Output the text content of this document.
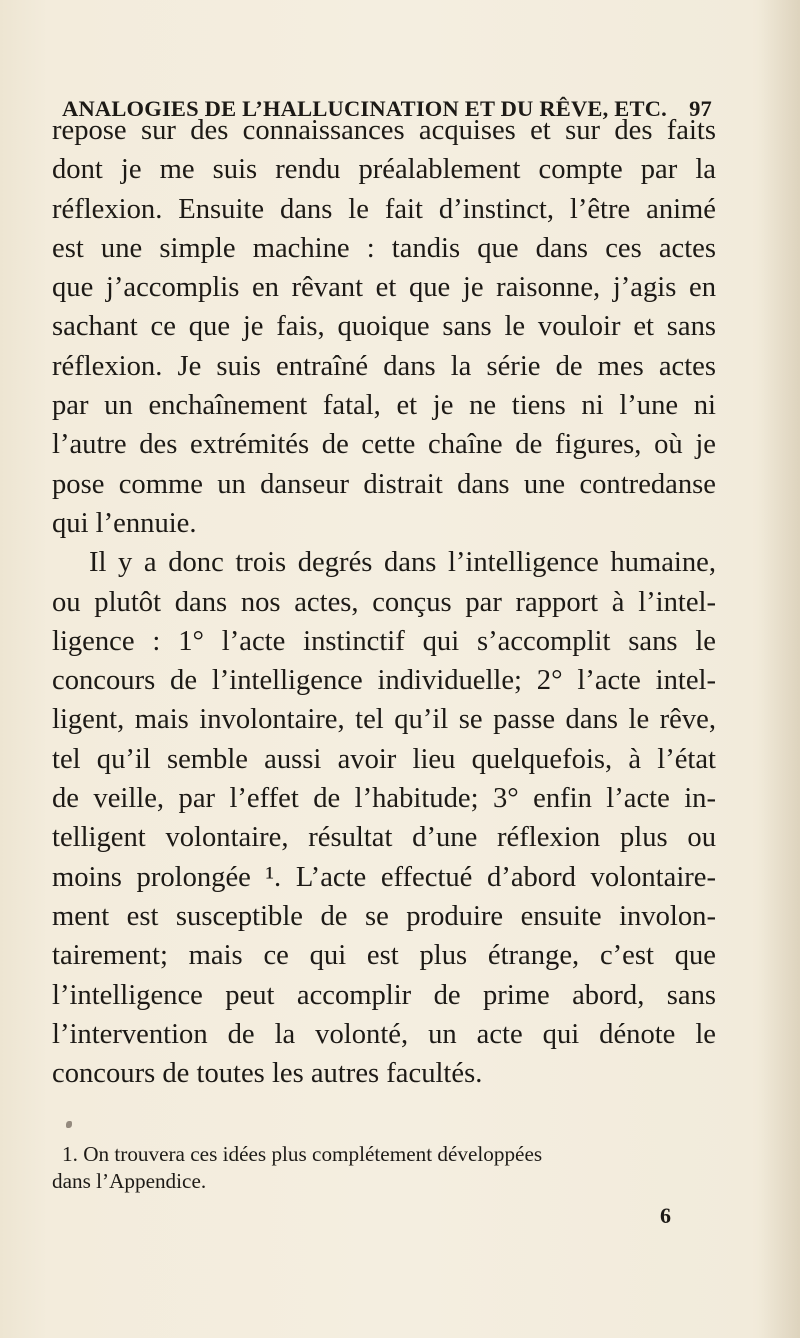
ANALOGIES DE L’HALLUCINATION ET DU RÊVE, ETC. 97
repose sur des connaissances acquises et sur des faits
dont je me suis rendu préalablement compte par la
réflexion. Ensuite dans le fait d’instinct, l’être animé
est une simple machine : tandis que dans ces actes
que j’accomplis en rêvant et que je raisonne, j’agis en
sachant ce que je fais, quoique sans le vouloir et sans
réflexion. Je suis entraîné dans la série de mes actes
par un enchaînement fatal, et je ne tiens ni l’une ni
l’autre des extrémités de cette chaîne de figures, où je
pose comme un danseur distrait dans une contredanse
qui l’ennuie.
Il y a donc trois degrés dans l’intelligence humaine,
ou plutôt dans nos actes, conçus par rapport à l’intel-
ligence : 1° l’acte instinctif qui s’accomplit sans le
concours de l’intelligence individuelle; 2° l’acte intel-
ligent, mais involontaire, tel qu’il se passe dans le rêve,
tel qu’il semble aussi avoir lieu quelquefois, à l’état
de veille, par l’effet de l’habitude; 3° enfin l’acte in-
telligent volontaire, résultat d’une réflexion plus ou
moins prolongée ¹. L’acte effectué d’abord volontaire-
ment est susceptible de se produire ensuite involon-
tairement; mais ce qui est plus étrange, c’est que
l’intelligence peut accomplir de prime abord, sans
l’intervention de la volonté, un acte qui dénote le
concours de toutes les autres facultés.
1. On trouvera ces idées plus complétement développées
dans l’Appendice.
6
